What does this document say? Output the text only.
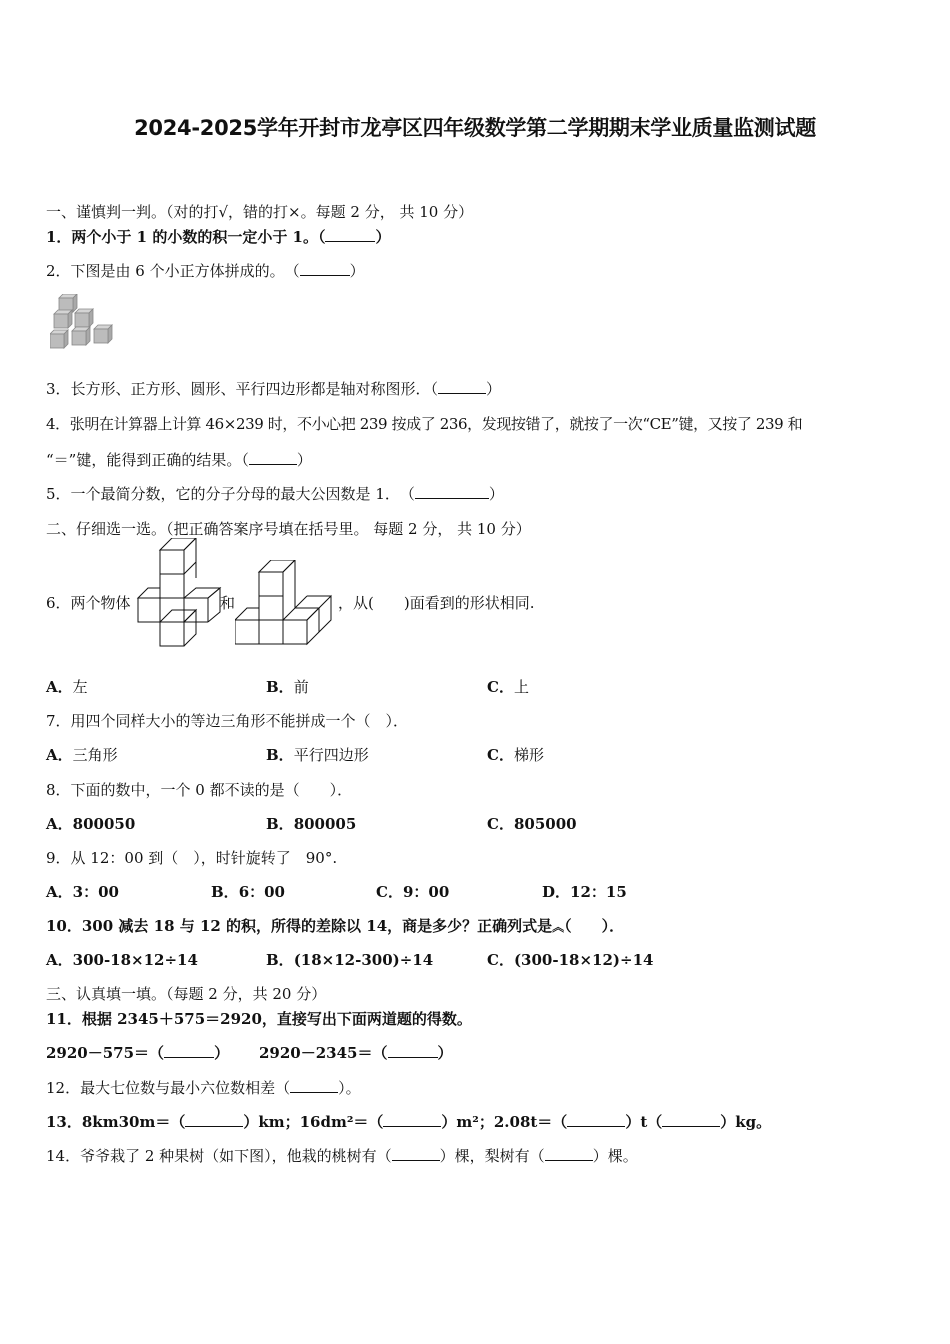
2024-2025学年开封市龙亭区四年级数学第二学期期末学业质量监测试题
一、谨慎判一判。（对的打√，错的打×。每题 2 分， 共 10 分）
1．两个小于 1 的小数的积一定小于 1。（	）
2．下图是由 6 个小正方体拼成的。　（	）
3．长方形、正方形、圆形、平行四边形都是轴对称图形．（	）
4．张明在计算器上计算 46×239 时，不小心把 239 按成了 236，发现按错了，就按了一次“CE”键，又按了 239 和
“＝”键，能得到正确的结果。（	）
5．一个最简分数，它的分子分母的最大公因数是 1．　（	）
二、仔细选一选。（把正确答案序号填在括号里。 每题 2 分， 共 10 分）
6．两个物体	和	，从(　　)面看到的形状相同.
A．左	B．前	C．上
7．用四个同样大小的等边三角形不能拼成一个（　）．
A．三角形	B．平行四边形	C．梯形
8．下面的数中，一个 0 都不读的是（　　）．
A．800050	B．800005	C．805000
9．从 12：00 到（　），时针旋转了　90°.
A．3：00	B．6：00	C．9：00	D．12：15
10．300 减去 18 与 12 的积，所得的差除以 14，商是多少？正确列式是︽（　　）．
A．300-18×12÷14	B．(18×12-300)÷14	C．(300-18×12)÷14
三、认真填一填。（每题 2 分，共 20 分）
11．根据 2345＋575＝2920，直接写出下面两道题的得数。
2920－575＝（	） 2920－2345＝（	）
12．最大七位数与最小六位数相差（	）。
13．8km30m＝（	）km；16dm²＝（	）m²；2.08t＝（	）t（	）kg。
14．爷爷栽了 2 种果树（如下图），他栽的桃树有（	）棵，梨树有（	）棵。
